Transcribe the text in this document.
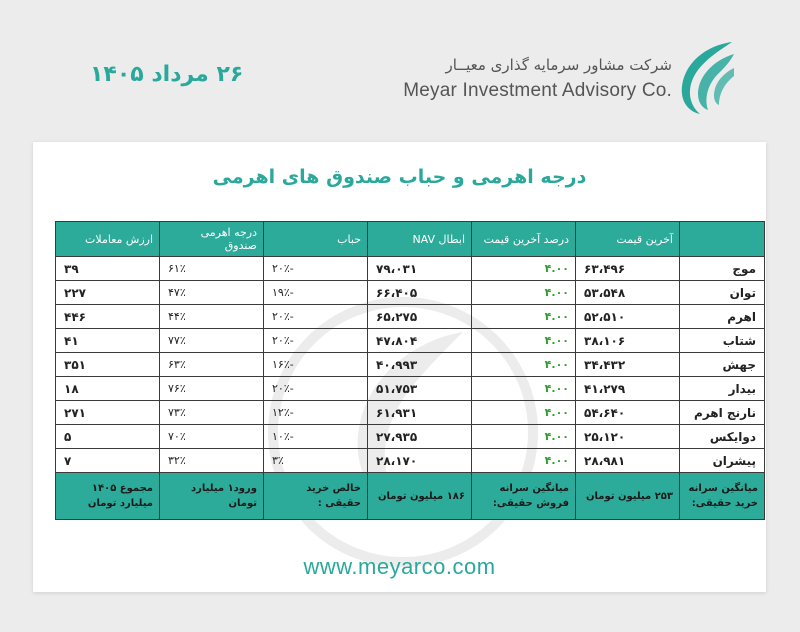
۲۶ مرداد ۱۴۰۵	شرکت مشاور سرمایه گذاری معیــار
Meyar Investment Advisory Co.
درجه اهرمی و حباب صندوق های اهرمی
	آخرین قیمت	درصد آخرین قیمت	ابطال NAV	حباب	درجه اهرمی صندوق	ارزش معاملات
موج	۶۳،۴۹۶	۴.۰۰	۷۹،۰۳۱	-۲۰٪	۶۱٪	۳۹
توان	۵۳،۵۴۸	۴.۰۰	۶۶،۴۰۵	-۱۹٪	۴۷٪	۲۲۷
اهرم	۵۲،۵۱۰	۴.۰۰	۶۵،۲۷۵	-۲۰٪	۴۴٪	۴۴۶
شتاب	۳۸،۱۰۶	۴.۰۰	۴۷،۸۰۴	-۲۰٪	۷۷٪	۴۱
جهش	۳۴،۴۳۲	۴.۰۰	۴۰،۹۹۳	-۱۶٪	۶۳٪	۳۵۱
بیدار	۴۱،۲۷۹	۴.۰۰	۵۱،۷۵۳	-۲۰٪	۷۶٪	۱۸
نارنج اهرم	۵۴،۶۴۰	۴.۰۰	۶۱،۹۳۱	-۱۲٪	۷۳٪	۲۷۱
دوایکس	۲۵،۱۲۰	۴.۰۰	۲۷،۹۳۵	-۱۰٪	۷۰٪	۵
پیشران	۲۸،۹۸۱	۴.۰۰	۲۸،۱۷۰	۳٪	۳۲٪	۷
میانگین سرانه خرید حقیقی:	۲۵۳ میلیون تومان	میانگین سرانه فروش حقیقی:	۱۸۶ میلیون تومان	خالص خرید حقیقی :	ورود۱ میلیارد تومان	مجموع ۱۴۰۵ میلیارد تومان
www.meyarco.com
